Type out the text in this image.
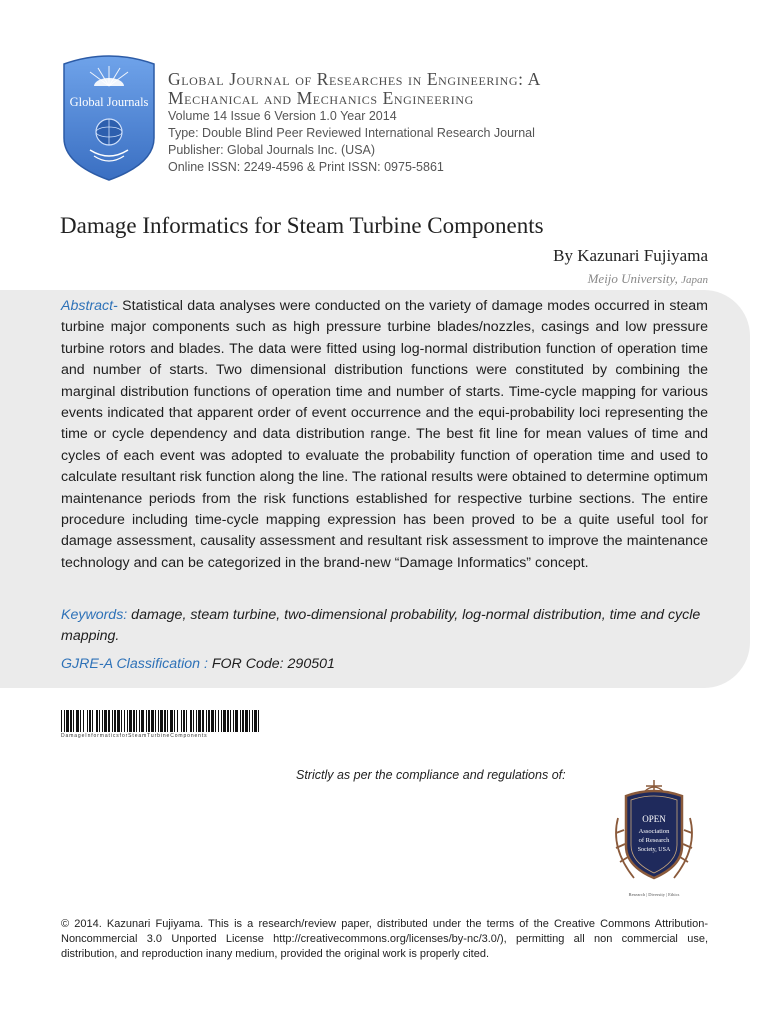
Global Journals
Global Journal of Researches in Engineering: A
Mechanical and Mechanics Engineering
Volume 14 Issue 6 Version 1.0 Year 2014
Type: Double Blind Peer Reviewed International Research Journal
Publisher: Global Journals Inc. (USA)
Online ISSN: 2249-4596 & Print ISSN: 0975-5861
Damage Informatics for Steam Turbine Components
By Kazunari Fujiyama
Meijo University, Japan
Abstract- Statistical data analyses were conducted on the variety of damage modes occurred in steam turbine major components such as high pressure turbine blades/nozzles, casings and low pressure turbine rotors and blades. The data were fitted using log-normal distribution function of operation time and number of starts. Two dimensional distribution functions were constituted by combining the marginal distribution functions of operation time and number of starts. Time-cycle mapping for various events indicated that apparent order of event occurrence and the equi-probability loci representing the time or cycle dependency and data distribution range. The best fit line for mean values of time and cycles of each event was adopted to evaluate the probability function of operation time and used to calculate resultant risk function along the line. The rational results were obtained to determine optimum maintenance periods from the risk functions established for respective turbine sections. The entire procedure including time-cycle mapping expression has been proved to be a quite useful tool for damage assessment, causality assessment and resultant risk assessment to improve the maintenance technology and can be categorized in the brand-new “Damage Informatics” concept.
Keywords: damage, steam turbine, two-dimensional probability, log-normal distribution, time and cycle mapping.
GJRE-A Classification : FOR Code: 290501
DamageInformaticsforSteamTurbineComponents
Strictly as per the compliance and regulations of:
OPEN
Association
of Research
Society, USA
Research | Diversity | Ethics
© 2014. Kazunari Fujiyama. This is a research/review paper, distributed under the terms of the Creative Commons Attribution-Noncommercial 3.0 Unported License http://creativecommons.org/licenses/by-nc/3.0/), permitting all non commercial use, distribution, and reproduction inany medium, provided the original work is properly cited.
